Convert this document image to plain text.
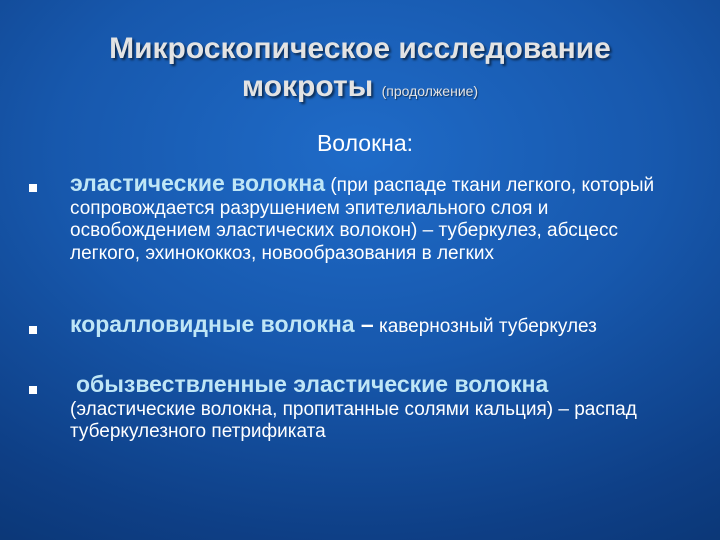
Микроскопическое исследование
мокроты (продолжение)
Волокна:
эластические волокна (при распаде ткани легкого, который сопровождается разрушением эпителиального слоя и освобождением эластических волокон) – туберкулез, абсцесс легкого, эхинококкоз, новообразования в легких
коралловидные волокна – кавернозный туберкулез
обызвествленные эластические волокна
(эластические волокна, пропитанные солями кальция) – распад туберкулезного петрификата
